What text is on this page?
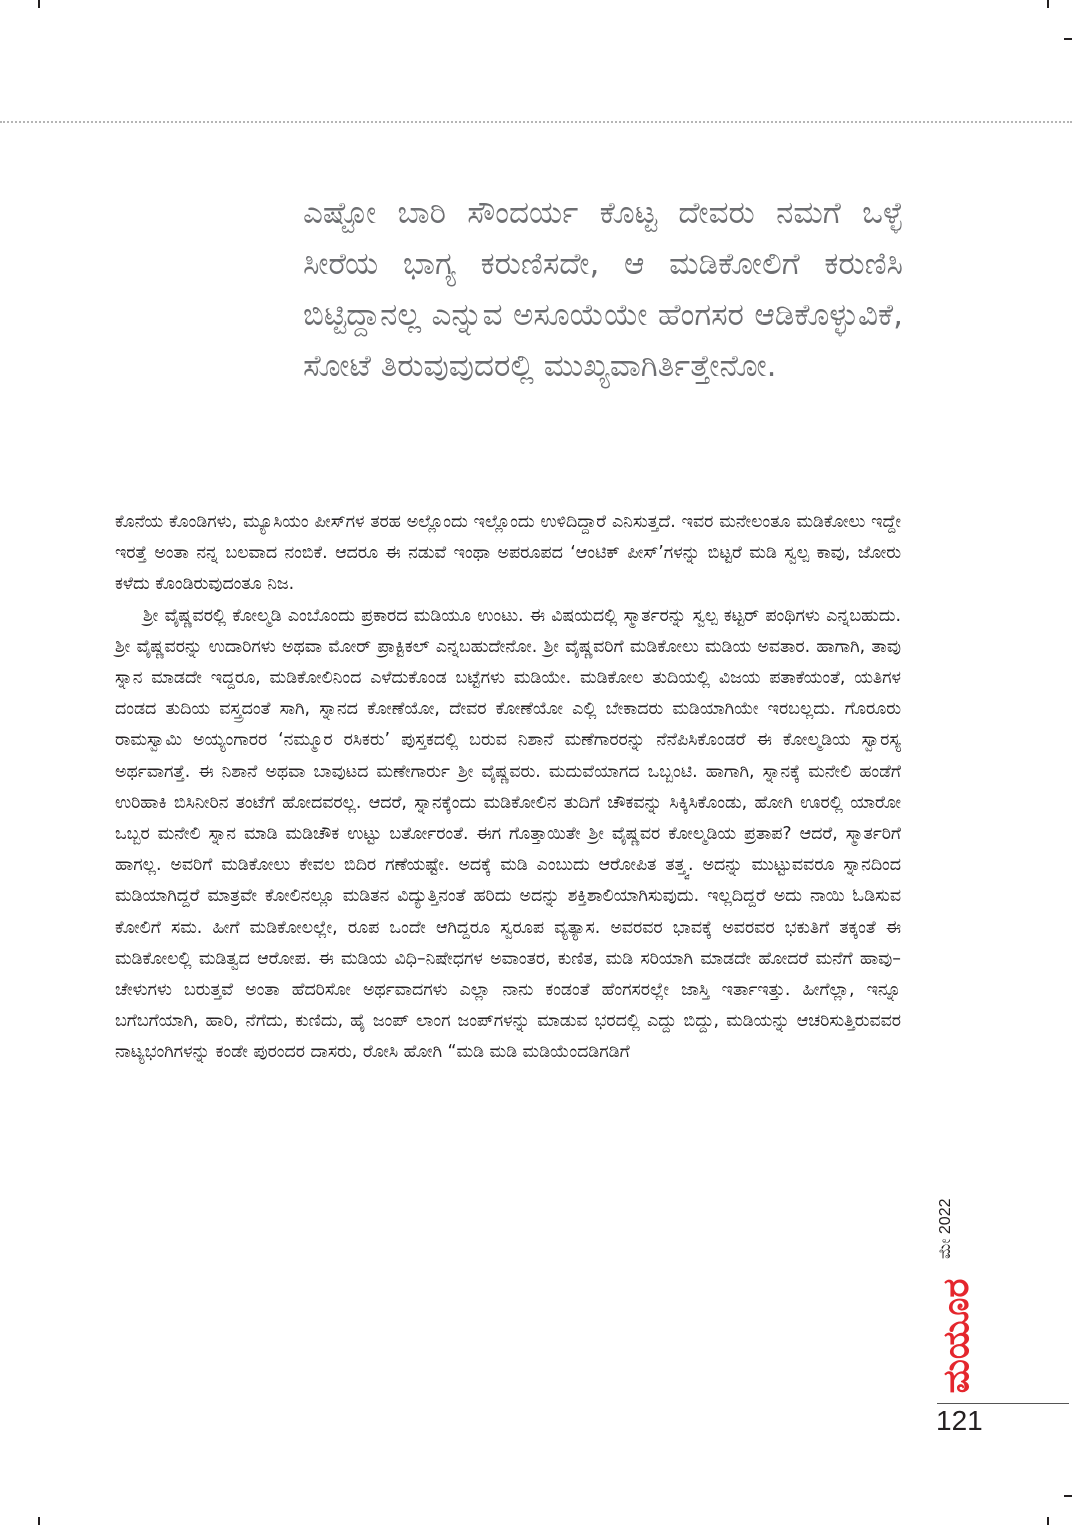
ಎಷ್ಟೋ ಬಾರಿ ಸೌಂದರ್ಯ ಕೊಟ್ಟ ದೇವರು ನಮಗೆ ಒಳ್ಳೆ ಸೀರೆಯ ಭಾಗ್ಯ ಕರುಣಿಸದೇ, ಆ ಮಡಿಕೋಲಿಗೆ ಕರುಣಿಸಿ ಬಿಟ್ಟಿದ್ದಾನಲ್ಲ ಎನ್ನುವ ಅಸೂಯೆಯೇ ಹೆಂಗಸರ ಆಡಿಕೊಳ್ಳುವಿಕೆ, ಸೋಟೆ ತಿರುವುವುದರಲ್ಲಿ ಮುಖ್ಯವಾಗಿರ್ತಿತ್ತೇನೋ.

ಕೊನೆಯ ಕೊಂಡಿಗಳು, ಮ್ಯೂಸಿಯಂ ಪೀಸ್‌ಗಳ ತರಹ ಅಲ್ಲೊಂದು ಇಲ್ಲೊಂದು ಉಳಿದಿದ್ದಾರೆ ಎನಿಸುತ್ತದೆ. ಇವರ ಮನೇಲಂತೂ ಮಡಿಕೋಲು ಇದ್ದೇ ಇರತ್ತೆ ಅಂತಾ ನನ್ನ ಬಲವಾದ ನಂಬಿಕೆ. ಆದರೂ ಈ ನಡುವೆ ಇಂಥಾ ಅಪರೂಪದ ‘ಆಂಟಿಕ್ ಪೀಸ್’ಗಳನ್ನು ಬಿಟ್ಟರೆ ಮಡಿ ಸ್ವಲ್ಪ ಕಾವು, ಜೋರು ಕಳೆದು ಕೊಂಡಿರುವುದಂತೂ ನಿಜ.

ಶ್ರೀ ವೈಷ್ಣವರಲ್ಲಿ ಕೋಲ್ಮಡಿ ಎಂಬೊಂದು ಪ್ರಕಾರದ ಮಡಿಯೂ ಉಂಟು. ಈ ವಿಷಯದಲ್ಲಿ ಸ್ಮಾರ್ತರನ್ನು ಸ್ವಲ್ಪ ಕಟ್ಟರ್ ಪಂಥಿಗಳು ಎನ್ನಬಹುದು. ಶ್ರೀ ವೈಷ್ಣವರನ್ನು ಉದಾರಿಗಳು ಅಥವಾ ಮೋರ್ ಪ್ರಾಕ್ಟಿಕಲ್ ಎನ್ನಬಹುದೇನೋ. ಶ್ರೀ ವೈಷ್ಣವರಿಗೆ ಮಡಿಕೋಲು ಮಡಿಯ ಅವತಾರ. ಹಾಗಾಗಿ, ತಾವು ಸ್ನಾನ ಮಾಡದೇ ಇದ್ದರೂ, ಮಡಿಕೋಲಿನಿಂದ ಎಳೆದುಕೊಂಡ ಬಟ್ಟೆಗಳು ಮಡಿಯೇ. ಮಡಿಕೋಲ ತುದಿಯಲ್ಲಿ ವಿಜಯ ಪತಾಕೆಯಂತೆ, ಯತಿಗಳ ದಂಡದ ತುದಿಯ ವಸ್ತ್ರದಂತೆ ಸಾಗಿ, ಸ್ನಾನದ ಕೋಣೆಯೋ, ದೇವರ ಕೋಣೆಯೋ ಎಲ್ಲಿ ಬೇಕಾದರು ಮಡಿಯಾಗಿಯೇ ಇರಬಲ್ಲದು. ಗೊರೂರು ರಾಮಸ್ವಾಮಿ ಅಯ್ಯಂಗಾರರ ‘ನಮ್ಮೂರ ರಸಿಕರು’ ಪುಸ್ತಕದಲ್ಲಿ ಬರುವ ನಿಶಾನೆ ಮಣೆಗಾರರನ್ನು ನೆನೆಪಿಸಿಕೊಂಡರೆ ಈ ಕೋಲ್ಮಡಿಯ ಸ್ವಾರಸ್ಯ ಅರ್ಥವಾಗತ್ತೆ. ಈ ನಿಶಾನೆ ಅಥವಾ ಬಾವುಟದ ಮಣೇಗಾರ್ರು ಶ್ರೀ ವೈಷ್ಣವರು. ಮದುವೆಯಾಗದ ಒಬ್ಬಂಟಿ. ಹಾಗಾಗಿ, ಸ್ನಾನಕ್ಕೆ ಮನೇಲಿ ಹಂಡೆಗೆ ಉರಿಹಾಕಿ ಬಿಸಿನೀರಿನ ತಂಟೆಗೆ ಹೋದವರಲ್ಲ. ಆದರೆ, ಸ್ನಾನಕ್ಕೆಂದು ಮಡಿಕೋಲಿನ ತುದಿಗೆ ಚೌಕವನ್ನು ಸಿಕ್ಕಿಸಿಕೊಂಡು, ಹೋಗಿ ಊರಲ್ಲಿ ಯಾರೋ ಒಬ್ಬರ ಮನೇಲಿ ಸ್ನಾನ ಮಾಡಿ ಮಡಿಚೌಕ ಉಟ್ಟು ಬರ್ತೋರಂತೆ. ಈಗ ಗೊತ್ತಾಯಿತೇ ಶ್ರೀ ವೈಷ್ಣವರ ಕೋಲ್ಮಡಿಯ ಪ್ರತಾಪ? ಆದರೆ, ಸ್ಮಾರ್ತರಿಗೆ ಹಾಗಲ್ಲ. ಅವರಿಗೆ ಮಡಿಕೋಲು ಕೇವಲ ಬಿದಿರ ಗಣೆಯಷ್ಟೇ. ಅದಕ್ಕೆ ಮಡಿ ಎಂಬುದು ಆರೋಪಿತ ತತ್ತ್ವ. ಅದನ್ನು ಮುಟ್ಟುವವರೂ ಸ್ನಾನದಿಂದ ಮಡಿಯಾಗಿದ್ದರೆ ಮಾತ್ರವೇ ಕೋಲಿನಲ್ಲೂ ಮಡಿತನ ವಿದ್ಯುತ್ತಿನಂತೆ ಹರಿದು ಅದನ್ನು ಶಕ್ತಿಶಾಲಿಯಾಗಿಸುವುದು. ಇಲ್ಲದಿದ್ದರೆ ಅದು ನಾಯಿ ಓಡಿಸುವ ಕೋಲಿಗೆ ಸಮ. ಹೀಗೆ ಮಡಿಕೋಲಲ್ಲೇ, ರೂಪ ಒಂದೇ ಆಗಿದ್ದರೂ ಸ್ವರೂಪ ವ್ಯತ್ಯಾಸ. ಅವರವರ ಭಾವಕ್ಕೆ ಅವರವರ ಭಕುತಿಗೆ ತಕ್ಕಂತೆ ಈ ಮಡಿಕೋಲಲ್ಲಿ ಮಡಿತ್ವದ ಆರೋಪ. ಈ ಮಡಿಯ ವಿಧಿ–ನಿಷೇಧಗಳ ಅವಾಂತರ, ಕುಣಿತ, ಮಡಿ ಸರಿಯಾಗಿ ಮಾಡದೇ ಹೋದರೆ ಮನೆಗೆ ಹಾವು–ಚೇಳುಗಳು ಬರುತ್ತವೆ ಅಂತಾ ಹೆದರಿಸೋ ಅರ್ಥವಾದಗಳು ಎಲ್ಲಾ ನಾನು ಕಂಡಂತೆ ಹೆಂಗಸರಲ್ಲೇ ಜಾಸ್ತಿ ಇರ್ತಾಇತ್ತು. ಹೀಗೆಲ್ಲಾ, ಇನ್ನೂ ಬಗೆಬಗೆಯಾಗಿ, ಹಾರಿ, ನೆಗೆದು, ಕುಣಿದು, ಹೈ ಜಂಪ್ ಲಾಂಗ ಜಂಪ್‌ಗಳನ್ನು ಮಾಡುವ ಭರದಲ್ಲಿ ಎದ್ದು ಬಿದ್ದು, ಮಡಿಯನ್ನು ಆಚರಿಸುತ್ತಿರುವವರ ನಾಟ್ಯಭಂಗಿಗಳನ್ನು ಕಂಡೇ ಪುರಂದರ ದಾಸರು, ರೋಸಿ ಹೋಗಿ “ಮಡಿ ಮಡಿ ಮಡಿಯೆಂದಡಿಗಡಿಗೆ

ಮೇ 2022
ಮಯೂರ
121
